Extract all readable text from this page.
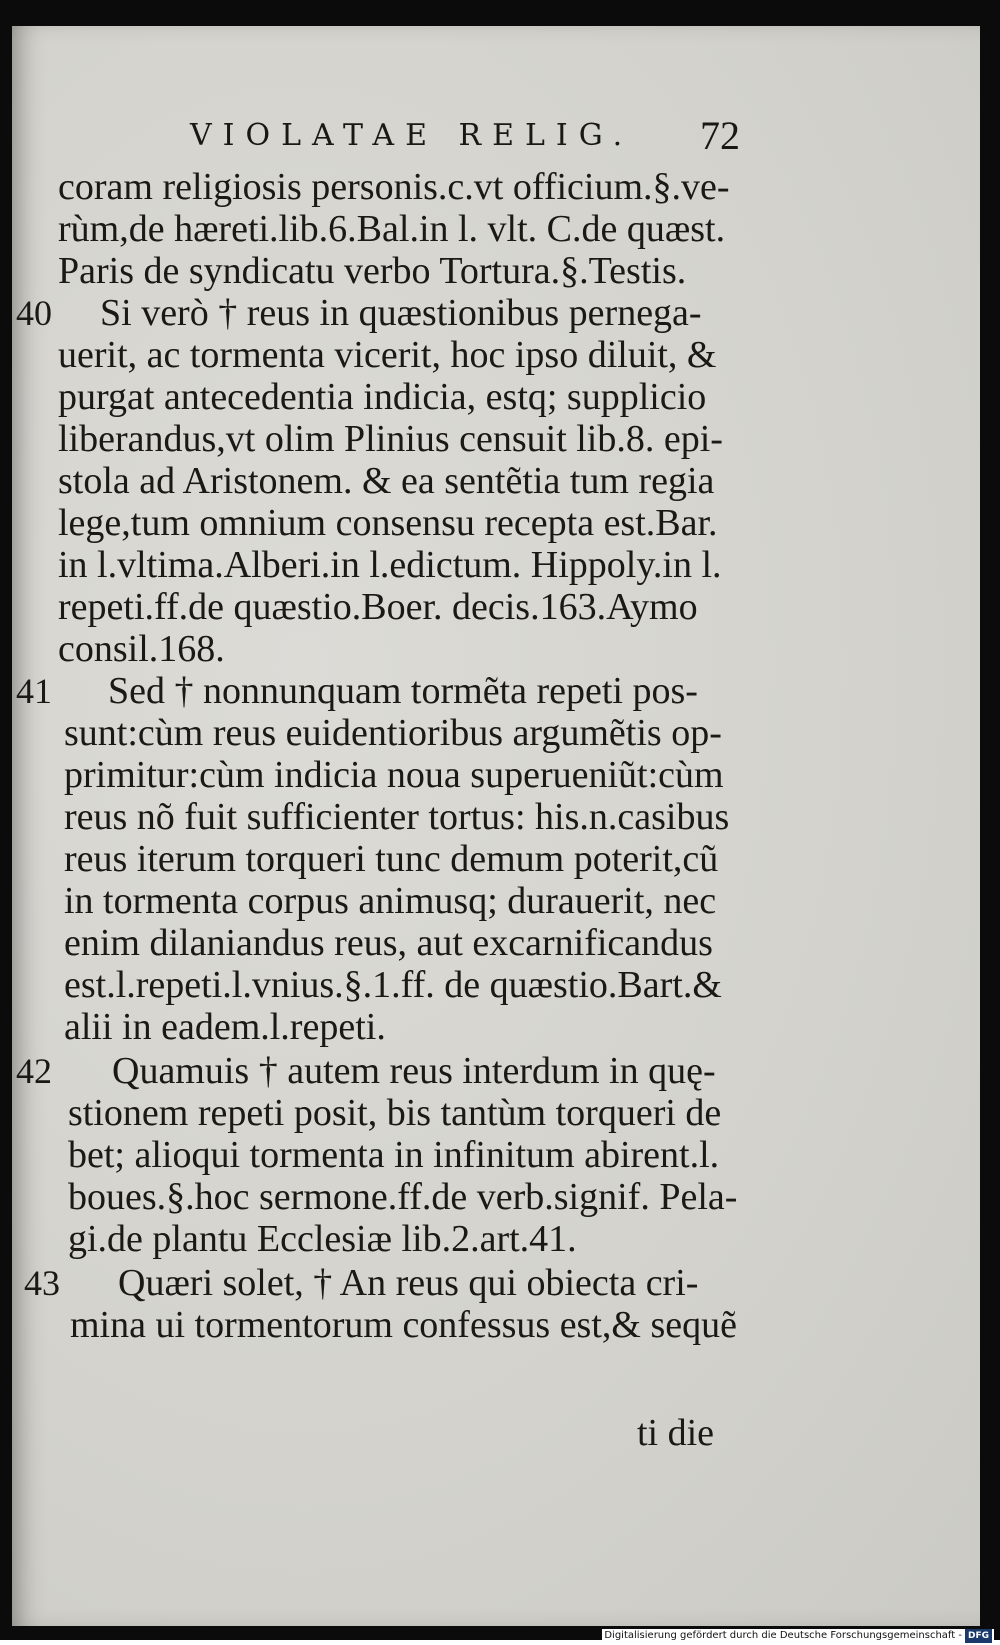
VIOLATAE RELIG. 72
coram religiosis personis.c.vt officium.§.ve-
rùm,de hæreti.lib.6.Bal.in l. vlt. C.de quæst.
Paris de syndicatu verbo Tortura.§.Testis.
40 Si verò † reus in quæstionibus pernega-
uerit, ac tormenta vicerit, hoc ipso diluit, &
purgat antecedentia indicia, estq; supplicio
liberandus,vt olim Plinius censuit lib.8. epi-
stola ad Aristonem. & ea sentẽtia tum regia
lege,tum omnium consensu recepta est.Bar.
in l.vltima.Alberi.in l.edictum. Hippoly.in l.
repeti.ff.de quæstio.Boer. decis.163.Aymo
consil.168.
41 Sed † nonnunquam tormẽta repeti pos-
sunt:cùm reus euidentioribus argumẽtis op-
primitur:cùm indicia noua superueniũt:cùm
reus nõ fuit sufficienter tortus: his.n.casibus
reus iterum torqueri tunc demum poterit,cũ
in tormenta corpus animusq; durauerit, nec
enim dilaniandus reus, aut excarnificandus
est.l.repeti.l.vnius.§.1.ff. de quæstio.Bart.&
alii in eadem.l.repeti.
42 Quamuis † autem reus interdum in quę-
stionem repeti posit, bis tantùm torqueri de
bet; alioqui tormenta in infinitum abirent.l.
boues.§.hoc sermone.ff.de verb.signif. Pela-
gi.de plantu Ecclesiæ lib.2.art.41.
43 Quæri solet, † An reus qui obiecta cri-
mina ui tormentorum confessus est,& sequẽ
ti die
Digitalisierung gefördert durch die Deutsche Forschungsgemeinschaft - DFG
